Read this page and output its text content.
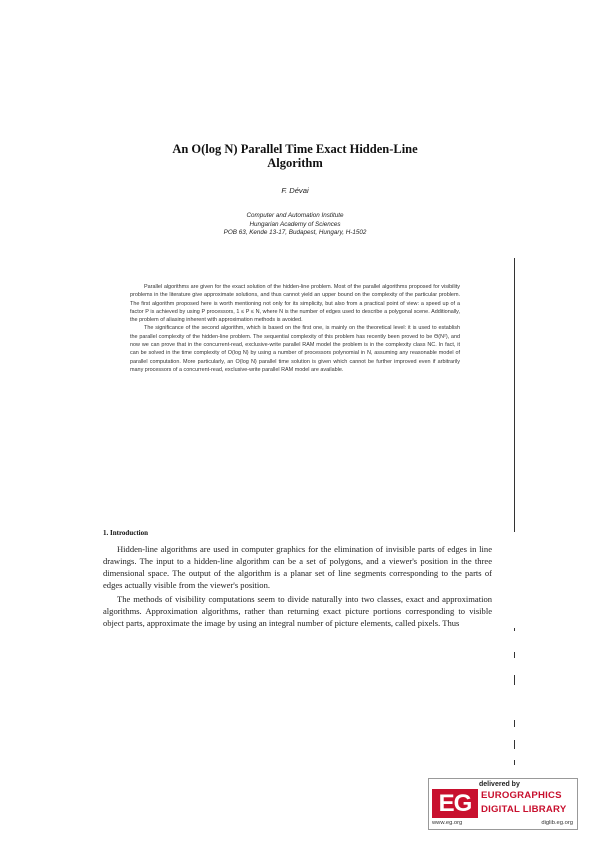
An O(log N) Parallel Time Exact Hidden-Line
Algorithm
F. Dévai
Computer and Automation Institute
Hungarian Academy of Sciences
POB 63, Kende 13-17, Budapest, Hungary, H-1502

Parallel algorithms are given for the exact solution of the hidden-line problem. Most of the parallel algorithms proposed for visibility problems in the literature give approximate solutions, and thus cannot yield an upper bound on the complexity of the particular problem. The first algorithm proposed here is worth mentioning not only for its simplicity, but also from a practical point of view: a speed up of a factor P is achieved by using P processors, 1 ≤ P ≤ N, where N is the number of edges used to describe a polygonal scene. Additionally, the problem of aliasing inherent with approximation methods is avoided.

The significance of the second algorithm, which is based on the first one, is mainly on the theoretical level: it is used to establish the parallel complexity of the hidden-line problem. The sequential complexity of this problem has recently been proved to be Θ(N²), and now we can prove that in the concurrent-read, exclusive-write parallel RAM model the problem is in the complexity class NC. In fact, it can be solved in the time complexity of O(log N) by using a number of processors polynomial in N, assuming any reasonable model of parallel computation. More particularly, an O(log N) parallel time solution is given which cannot be further improved even if arbitrarily many processors of a concurrent-read, exclusive-write parallel RAM model are available.

1. Introduction

Hidden-line algorithms are used in computer graphics for the elimination of invisible parts of edges in line drawings. The input to a hidden-line algorithm can be a set of polygons, and a viewer's position in the three dimensional space. The output of the algorithm is a planar set of line segments corresponding to the parts of edges actually visible from the viewer's position.

The methods of visibility computations seem to divide naturally into two classes, exact and approximation algorithms. Approximation algorithms, rather than returning exact picture portions corresponding to visible object parts, approximate the image by using an integral number of picture elements, called pixels. Thus

delivered by
EG	EUROGRAPHICS
DIGITAL LIBRARY
www.eg.org	diglib.eg.org
